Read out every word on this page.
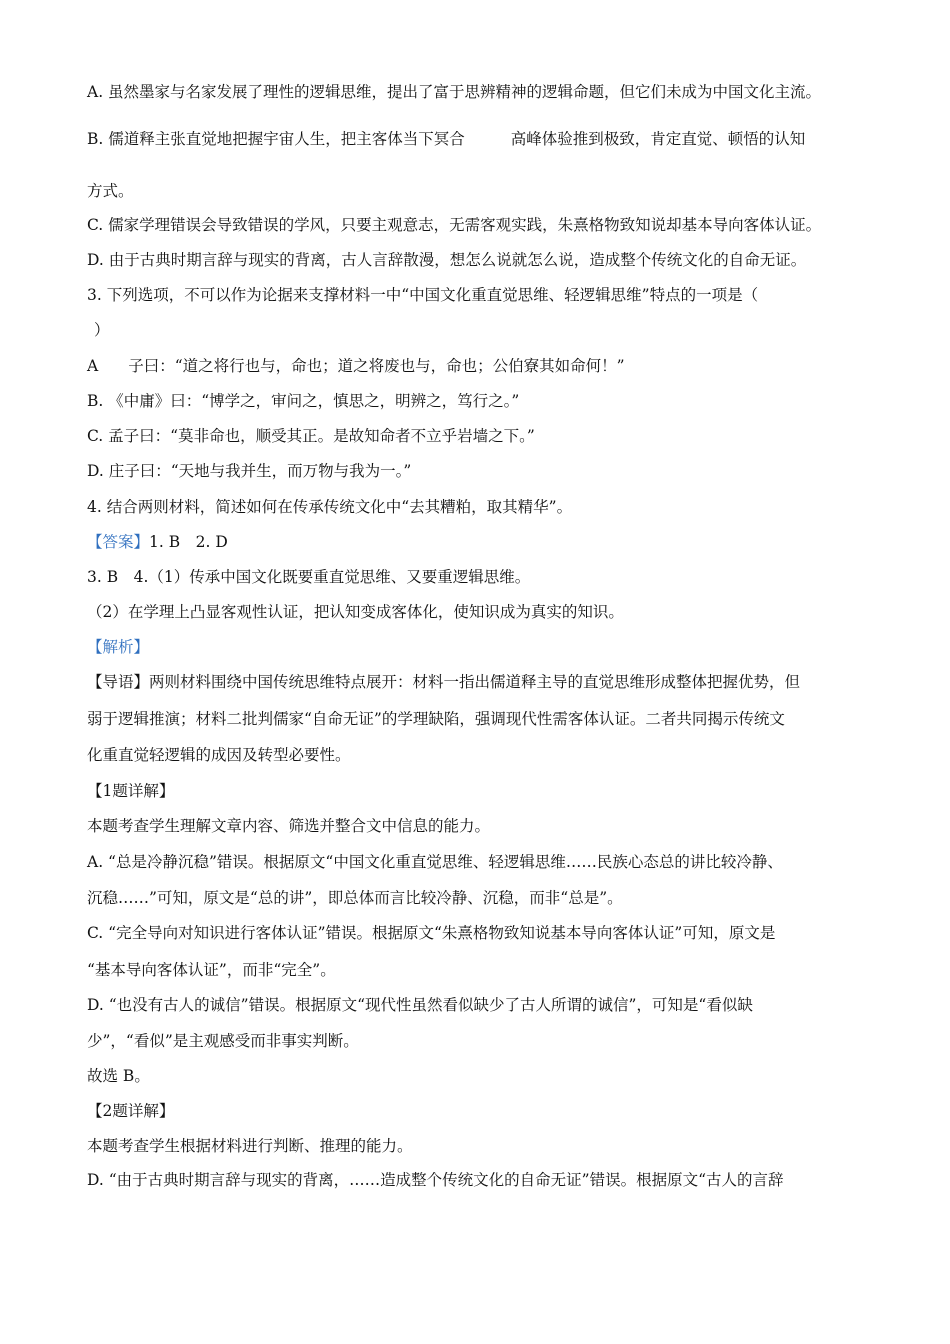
A. 虽然墨家与名家发展了理性的逻辑思维，提出了富于思辨精神的逻辑命题，但它们未成为中国文化主流。
B. 儒道释主张直觉地把握宇宙人生，把主客体当下冥合	高峰体验推到极致，肯定直觉、顿悟的认知
方式。
C. 儒家学理错误会导致错误的学风，只要主观意志，无需客观实践，朱熹格物致知说却基本导向客体认证。
D. 由于古典时期言辞与现实的背离，古人言辞散漫，想怎么说就怎么说，造成整个传统文化的自命无证。
3. 下列选项，不可以作为论据来支撑材料一中“中国文化重直觉思维、轻逻辑思维”特点的一项是（
）
A 子曰：“道之将行也与，命也；道之将废也与，命也；公伯寮其如命何！”
B. 《中庸》曰：“博学之，审问之，慎思之，明辨之，笃行之。”
C. 孟子曰：“莫非命也，顺受其正。是故知命者不立乎岩墙之下。”
D. 庄子曰：“天地与我并生，而万物与我为一。”
4. 结合两则材料，简述如何在传承传统文化中“去其糟粕，取其精华”。
【答案】1. B　2. D
3. B　4.（1）传承中国文化既要重直觉思维、又要重逻辑思维。
（2）在学理上凸显客观性认证，把认知变成客体化，使知识成为真实的知识。
【解析】
【导语】两则材料围绕中国传统思维特点展开：材料一指出儒道释主导的直觉思维形成整体把握优势，但
弱于逻辑推演；材料二批判儒家“自命无证”的学理缺陷，强调现代性需客体认证。二者共同揭示传统文
化重直觉轻逻辑的成因及转型必要性。
【1题详解】
本题考查学生理解文章内容、筛选并整合文中信息的能力。
A. “总是冷静沉稳”错误。根据原文“中国文化重直觉思维、轻逻辑思维……民族心态总的讲比较冷静、
沉稳……”可知，原文是“总的讲”，即总体而言比较冷静、沉稳，而非“总是”。
C. “完全导向对知识进行客体认证”错误。根据原文“朱熹格物致知说基本导向客体认证”可知，原文是
“基本导向客体认证”，而非“完全”。
D. “也没有古人的诚信”错误。根据原文“现代性虽然看似缺少了古人所谓的诚信”，可知是“看似缺
少”，“看似”是主观感受而非事实判断。
故选 B。
【2题详解】
本题考查学生根据材料进行判断、推理的能力。
D. “由于古典时期言辞与现实的背离，……造成整个传统文化的自命无证”错误。根据原文“古人的言辞
